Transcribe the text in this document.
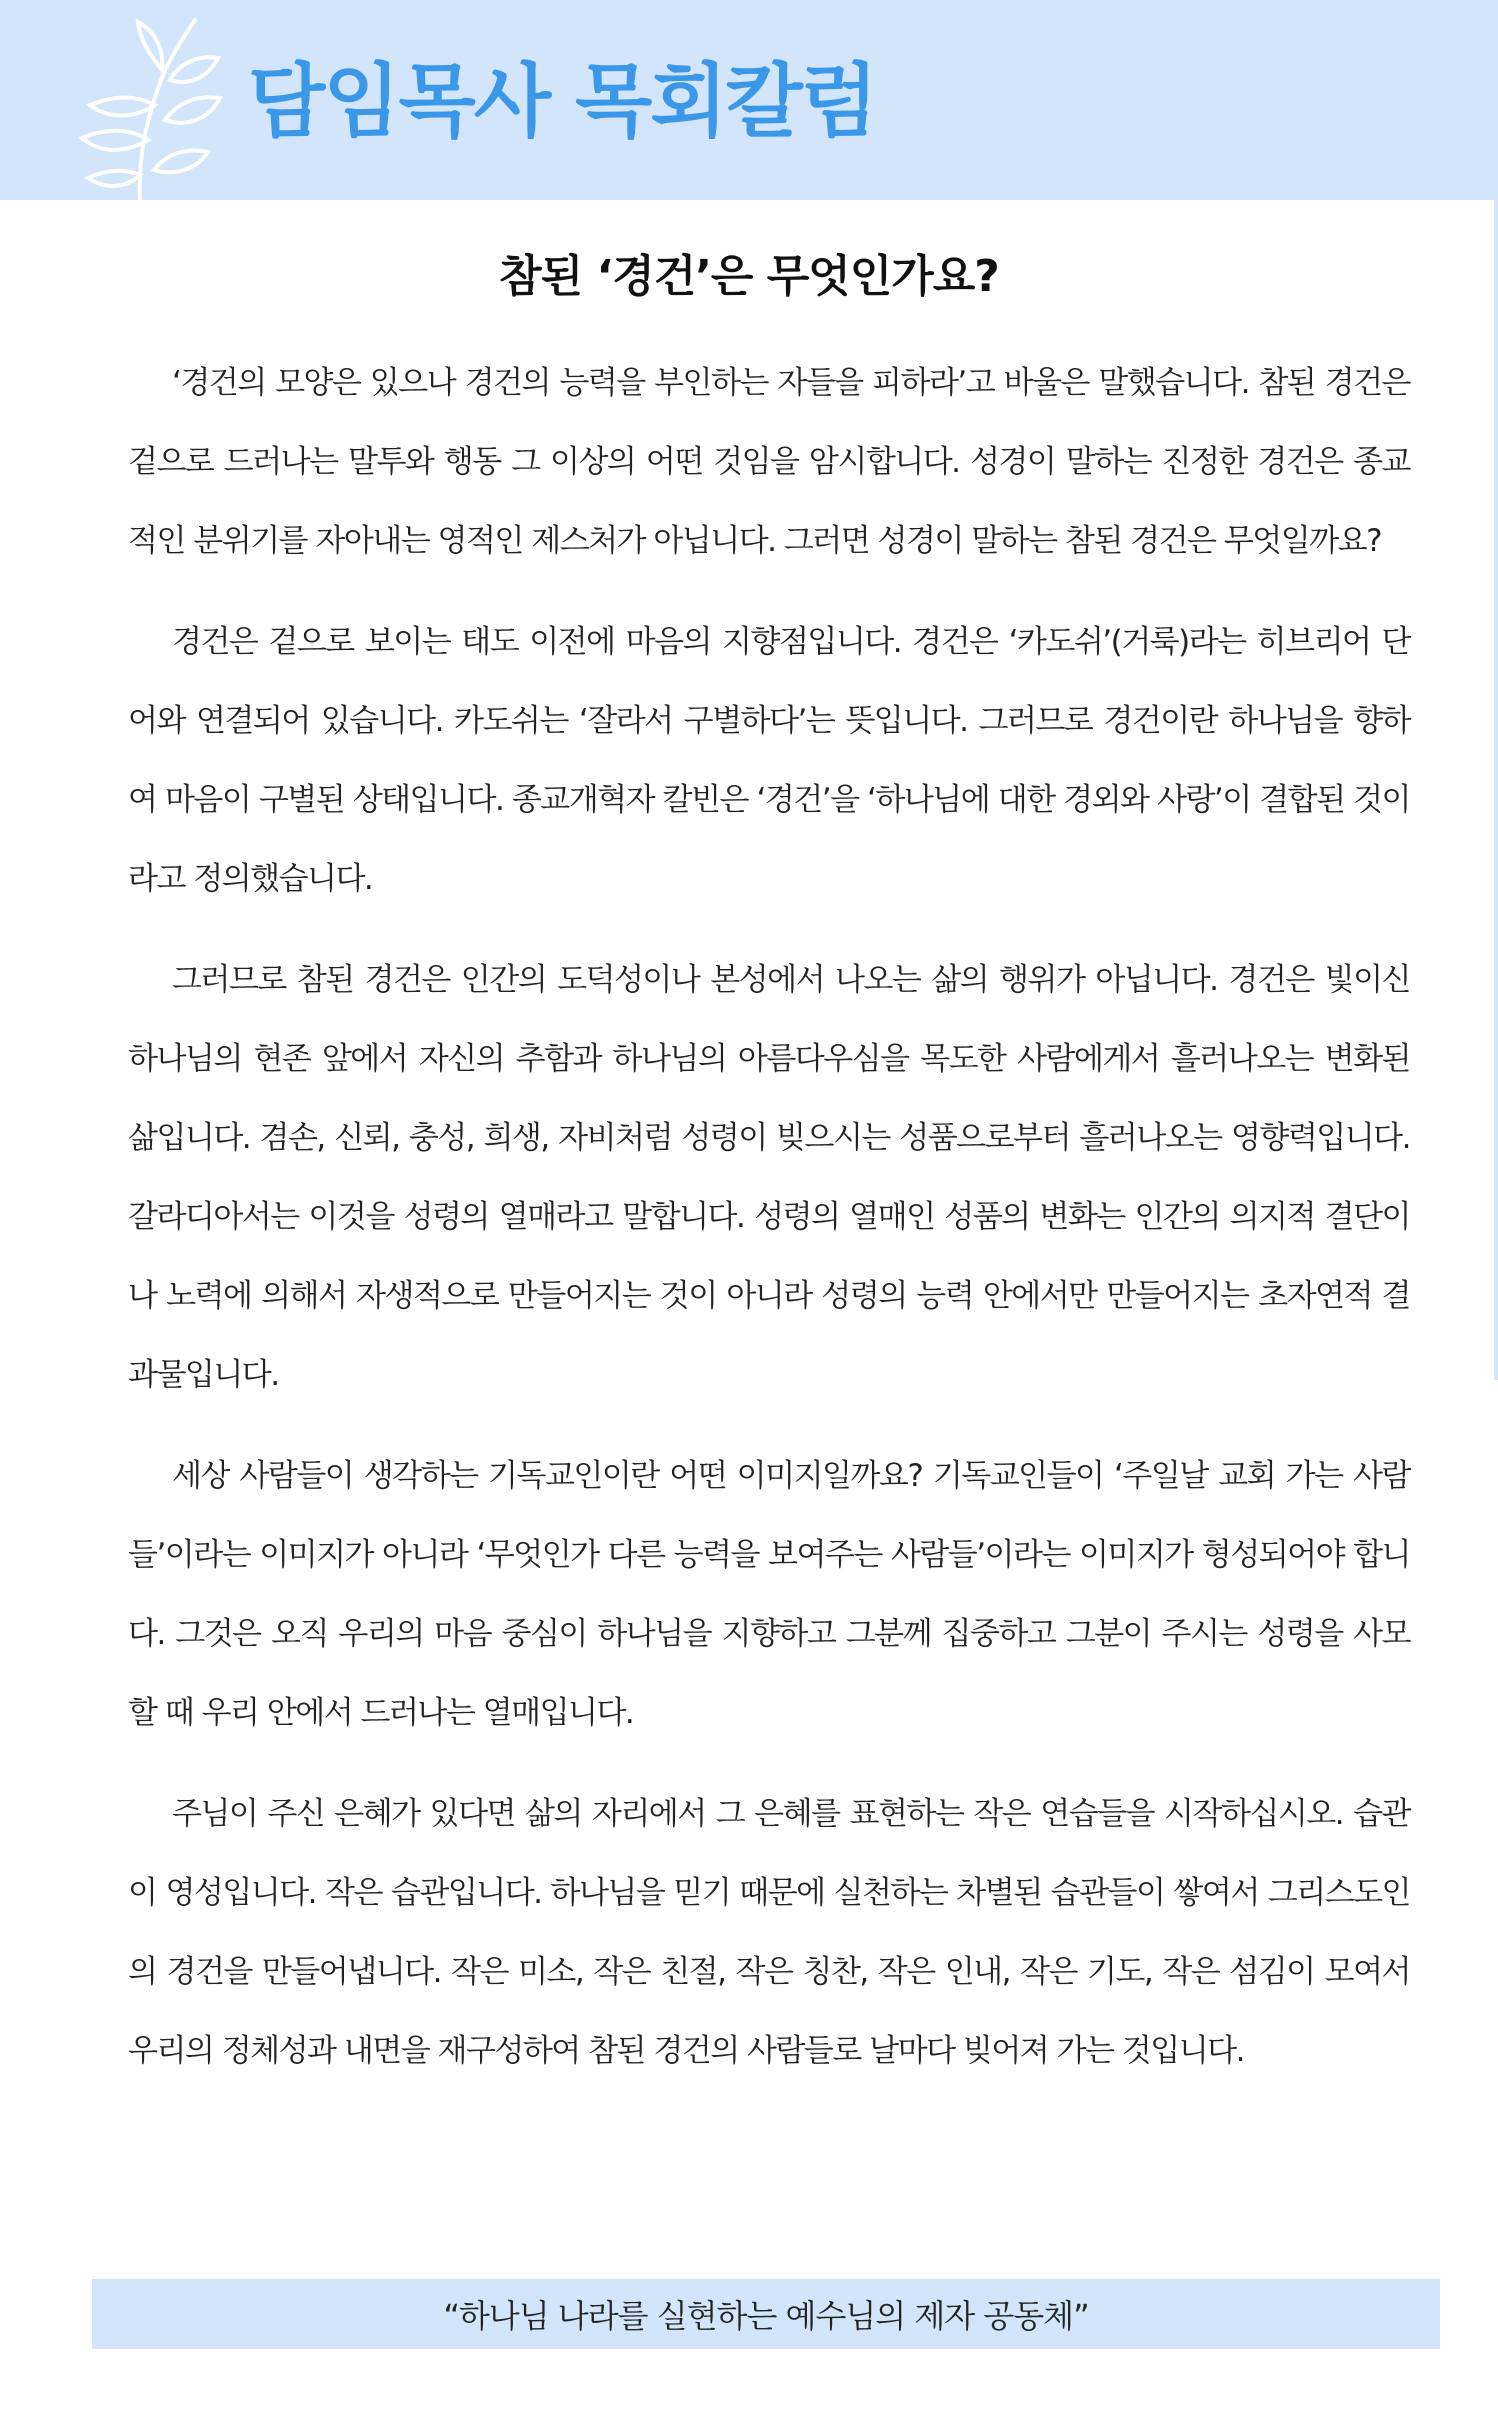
담임목사 목회칼럼
참된 ‘경건’은 무엇인가요?

‘경건의 모양은 있으나 경건의 능력을 부인하는 자들을 피하라’고 바울은 말했습니다. 참된 경건은 겉으로 드러나는 말투와 행동 그 이상의 어떤 것임을 암시합니다. 성경이 말하는 진정한 경건은 종교적인 분위기를 자아내는 영적인 제스처가 아닙니다. 그러면 성경이 말하는 참된 경건은 무엇일까요?

경건은 겉으로 보이는 태도 이전에 마음의 지향점입니다. 경건은 ‘카도쉬’(거룩)라는 히브리어 단어와 연결되어 있습니다. 카도쉬는 ‘잘라서 구별하다’는 뜻입니다. 그러므로 경건이란 하나님을 향하여 마음이 구별된 상태입니다. 종교개혁자 칼빈은 ‘경건’을 ‘하나님에 대한 경외와 사랑’이 결합된 것이라고 정의했습니다.

그러므로 참된 경건은 인간의 도덕성이나 본성에서 나오는 삶의 행위가 아닙니다. 경건은 빛이신 하나님의 현존 앞에서 자신의 추함과 하나님의 아름다우심을 목도한 사람에게서 흘러나오는 변화된 삶입니다. 겸손, 신뢰, 충성, 희생, 자비처럼 성령이 빚으시는 성품으로부터 흘러나오는 영향력입니다. 갈라디아서는 이것을 성령의 열매라고 말합니다. 성령의 열매인 성품의 변화는 인간의 의지적 결단이나 노력에 의해서 자생적으로 만들어지는 것이 아니라 성령의 능력 안에서만 만들어지는 초자연적 결과물입니다.

세상 사람들이 생각하는 기독교인이란 어떤 이미지일까요? 기독교인들이 ‘주일날 교회 가는 사람들’이라는 이미지가 아니라 ‘무엇인가 다른 능력을 보여주는 사람들’이라는 이미지가 형성되어야 합니다. 그것은 오직 우리의 마음 중심이 하나님을 지향하고 그분께 집중하고 그분이 주시는 성령을 사모할 때 우리 안에서 드러나는 열매입니다.

주님이 주신 은혜가 있다면 삶의 자리에서 그 은혜를 표현하는 작은 연습들을 시작하십시오. 습관이 영성입니다. 작은 습관입니다. 하나님을 믿기 때문에 실천하는 차별된 습관들이 쌓여서 그리스도인의 경건을 만들어냅니다. 작은 미소, 작은 친절, 작은 칭찬, 작은 인내, 작은 기도, 작은 섬김이 모여서 우리의 정체성과 내면을 재구성하여 참된 경건의 사람들로 날마다 빚어져 가는 것입니다.

“하나님 나라를 실현하는 예수님의 제자 공동체”
